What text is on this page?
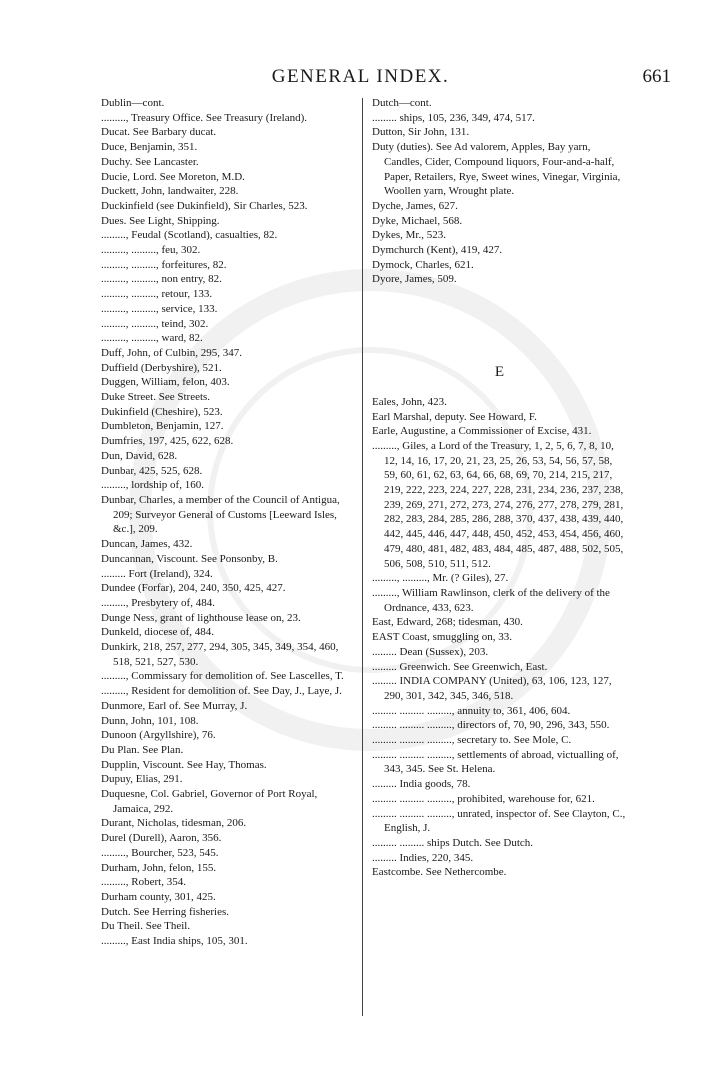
GENERAL INDEX.	661
Dublin—cont.
........., Treasury Office. See Treasury (Ireland).
Ducat. See Barbary ducat.
Duce, Benjamin, 351.
Duchy. See Lancaster.
Ducie, Lord. See Moreton, M.D.
Duckett, John, landwaiter, 228.
Duckinfield (see Dukinfield), Sir Charles, 523.
Dues. See Light, Shipping.
........., Feudal (Scotland), casualties, 82.
........., ........., feu, 302.
........., ........., forfeitures, 82.
........., ........., non entry, 82.
........., ........., retour, 133.
........., ........., service, 133.
........., ........., teind, 302.
........., ........., ward, 82.
Duff, John, of Culbin, 295, 347.
Duffield (Derbyshire), 521.
Duggen, William, felon, 403.
Duke Street. See Streets.
Dukinfield (Cheshire), 523.
Dumbleton, Benjamin, 127.
Dumfries, 197, 425, 622, 628.
Dun, David, 628.
Dunbar, 425, 525, 628.
........., lordship of, 160.
Dunbar, Charles, a member of the Council of Antigua, 209; Surveyor General of Customs [Leeward Isles, &c.], 209.
Duncan, James, 432.
Duncannan, Viscount. See Ponsonby, B.
......... Fort (Ireland), 324.
Dundee (Forfar), 204, 240, 350, 425, 427.
........., Presbytery of, 484.
Dunge Ness, grant of lighthouse lease on, 23.
Dunkeld, diocese of, 484.
Dunkirk, 218, 257, 277, 294, 305, 345, 349, 354, 460, 518, 521, 527, 530.
........., Commissary for demolition of. See Lascelles, T.
........., Resident for demolition of. See Day, J., Laye, J.
Dunmore, Earl of. See Murray, J.
Dunn, John, 101, 108.
Dunoon (Argyllshire), 76.
Du Plan. See Plan.
Dupplin, Viscount. See Hay, Thomas.
Dupuy, Elias, 291.
Duquesne, Col. Gabriel, Governor of Port Royal, Jamaica, 292.
Durant, Nicholas, tidesman, 206.
Durel (Durell), Aaron, 356.
........., Bourcher, 523, 545.
Durham, John, felon, 155.
........., Robert, 354.
Durham county, 301, 425.
Dutch. See Herring fisheries.
Du Theil. See Theil.
........., East India ships, 105, 301.
Dutch—cont.
......... ships, 105, 236, 349, 474, 517.
Dutton, Sir John, 131.
Duty (duties). See Ad valorem, Apples, Bay yarn, Candles, Cider, Compound liquors, Four-and-a-half, Paper, Retailers, Rye, Sweet wines, Vinegar, Virginia, Woollen yarn, Wrought plate.
Dyche, James, 627.
Dyke, Michael, 568.
Dykes, Mr., 523.
Dymchurch (Kent), 419, 427.
Dymock, Charles, 621.
Dyore, James, 509.
E
Eales, John, 423.
Earl Marshal, deputy. See Howard, F.
Earle, Augustine, a Commissioner of Excise, 431.
........., Giles, a Lord of the Treasury, 1, 2, 5, 6, 7, 8, 10, 12, 14, 16, 17, 20, 21, 23, 25, 26, 53, 54, 56, 57, 58, 59, 60, 61, 62, 63, 64, 66, 68, 69, 70, 214, 215, 217, 219, 222, 223, 224, 227, 228, 231, 234, 236, 237, 238, 239, 269, 271, 272, 273, 274, 276, 277, 278, 279, 281, 282, 283, 284, 285, 286, 288, 370, 437, 438, 439, 440, 442, 445, 446, 447, 448, 450, 452, 453, 454, 456, 460, 479, 480, 481, 482, 483, 484, 485, 487, 488, 502, 505, 506, 508, 510, 511, 512.
........., ........., Mr. (? Giles), 27.
........., William Rawlinson, clerk of the delivery of the Ordnance, 433, 623.
East, Edward, 268; tidesman, 430.
EAST Coast, smuggling on, 33.
......... Dean (Sussex), 203.
......... Greenwich. See Greenwich, East.
......... INDIA COMPANY (United), 63, 106, 123, 127, 290, 301, 342, 345, 346, 518.
......... ......... ........., annuity to, 361, 406, 604.
......... ......... ........., directors of, 70, 90, 296, 343, 550.
......... ......... ........., secretary to. See Mole, C.
......... ......... ........., settlements of abroad, victualling of, 343, 345. See St. Helena.
......... India goods, 78.
......... ......... ........., prohibited, warehouse for, 621.
......... ......... ........., unrated, inspector of. See Clayton, C., English, J.
......... ......... ships Dutch. See Dutch.
......... Indies, 220, 345.
Eastcombe. See Nethercombe.
